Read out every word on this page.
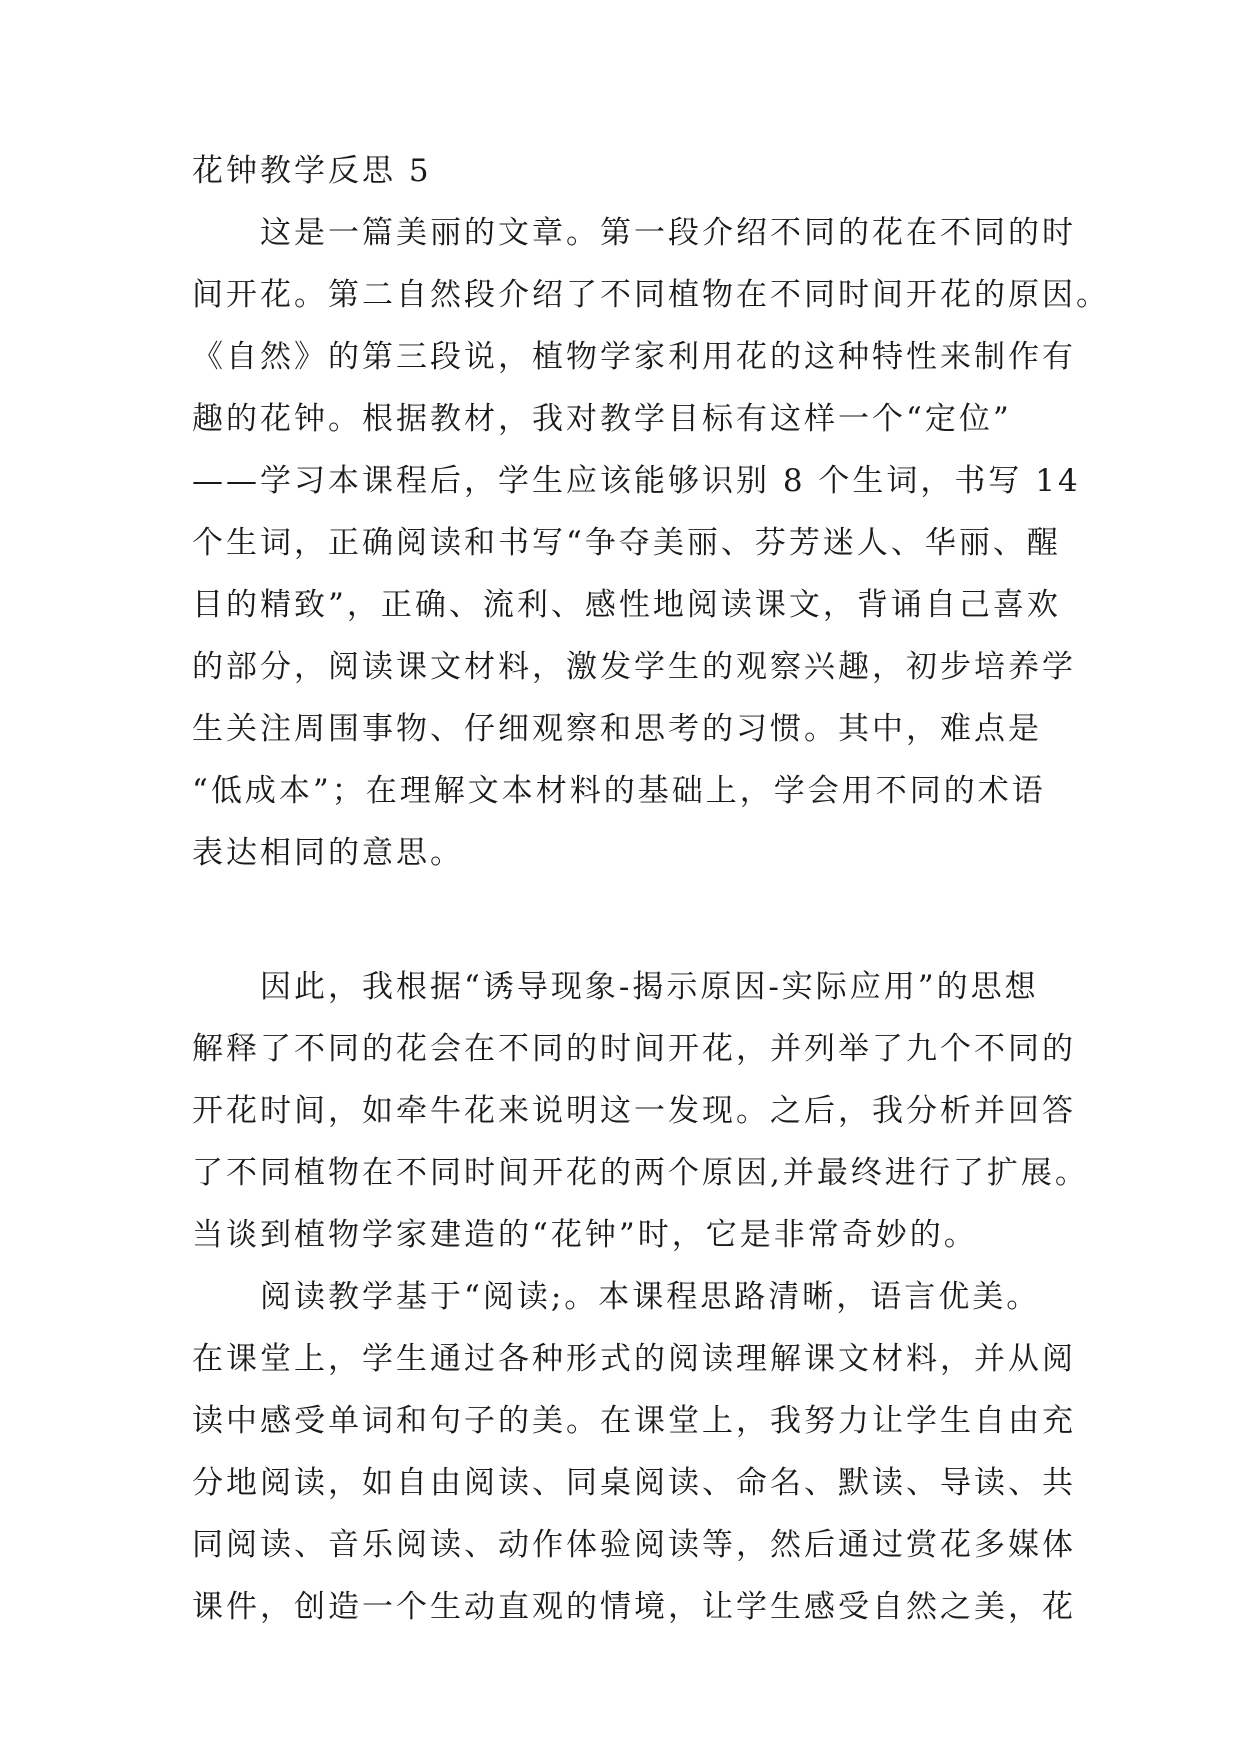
花钟教学反思 5
这是一篇美丽的文章。第一段介绍不同的花在不同的时
间开花。第二自然段介绍了不同植物在不同时间开花的原因。
《自然》的第三段说，植物学家利用花的这种特性来制作有
趣的花钟。根据教材，我对教学目标有这样一个“定位”
——学习本课程后，学生应该能够识别 8 个生词，书写 14
个生词，正确阅读和书写“争夺美丽、芬芳迷人、华丽、醒
目的精致”，正确、流利、感性地阅读课文，背诵自己喜欢
的部分，阅读课文材料，激发学生的观察兴趣，初步培养学
生关注周围事物、仔细观察和思考的习惯。其中，难点是
“低成本”；在理解文本材料的基础上，学会用不同的术语
表达相同的意思。
因此，我根据“诱导现象-揭示原因-实际应用”的思想
解释了不同的花会在不同的时间开花，并列举了九个不同的
开花时间，如牵牛花来说明这一发现。之后，我分析并回答
了不同植物在不同时间开花的两个原因,并最终进行了扩展。
当谈到植物学家建造的“花钟”时，它是非常奇妙的。
阅读教学基于“阅读;。本课程思路清晰，语言优美。
在课堂上，学生通过各种形式的阅读理解课文材料，并从阅
读中感受单词和句子的美。在课堂上，我努力让学生自由充
分地阅读，如自由阅读、同桌阅读、命名、默读、导读、共
同阅读、音乐阅读、动作体验阅读等，然后通过赏花多媒体
课件，创造一个生动直观的情境，让学生感受自然之美，花
